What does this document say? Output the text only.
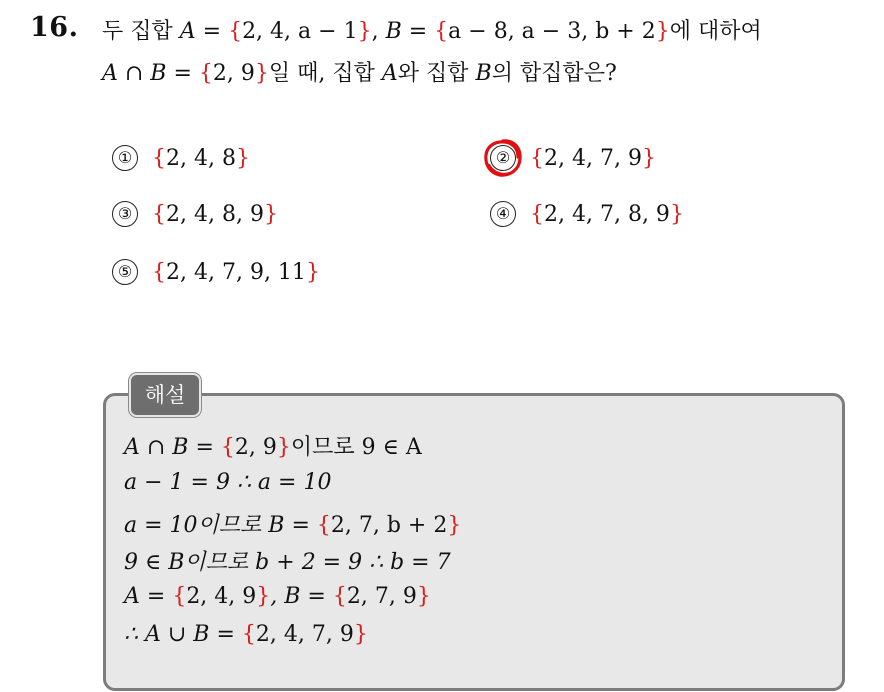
16. 두 집합 A = {2, 4, a − 1}, B = {a − 8, a − 3, b + 2}에 대하여
A ∩ B = {2, 9}일 때, 집합 A와 집합 B의 합집합은?
① { 2, 4, 8 }	② { 2, 4, 7, 9 }
③ { 2, 4, 8, 9 }	④ { 2, 4, 7, 8, 9 }
⑤ { 2, 4, 7, 9, 11 }
해설
A ∩ B = {2, 9}이므로 9 ∈ A
a − 1 = 9 ∴ a = 10
a = 10이므로 B = {2, 7, b + 2}
9 ∈ B이므로 b + 2 = 9 ∴ b = 7
A = {2, 4, 9}, B = {2, 7, 9}
∴ A ∪ B = {2, 4, 7, 9}
